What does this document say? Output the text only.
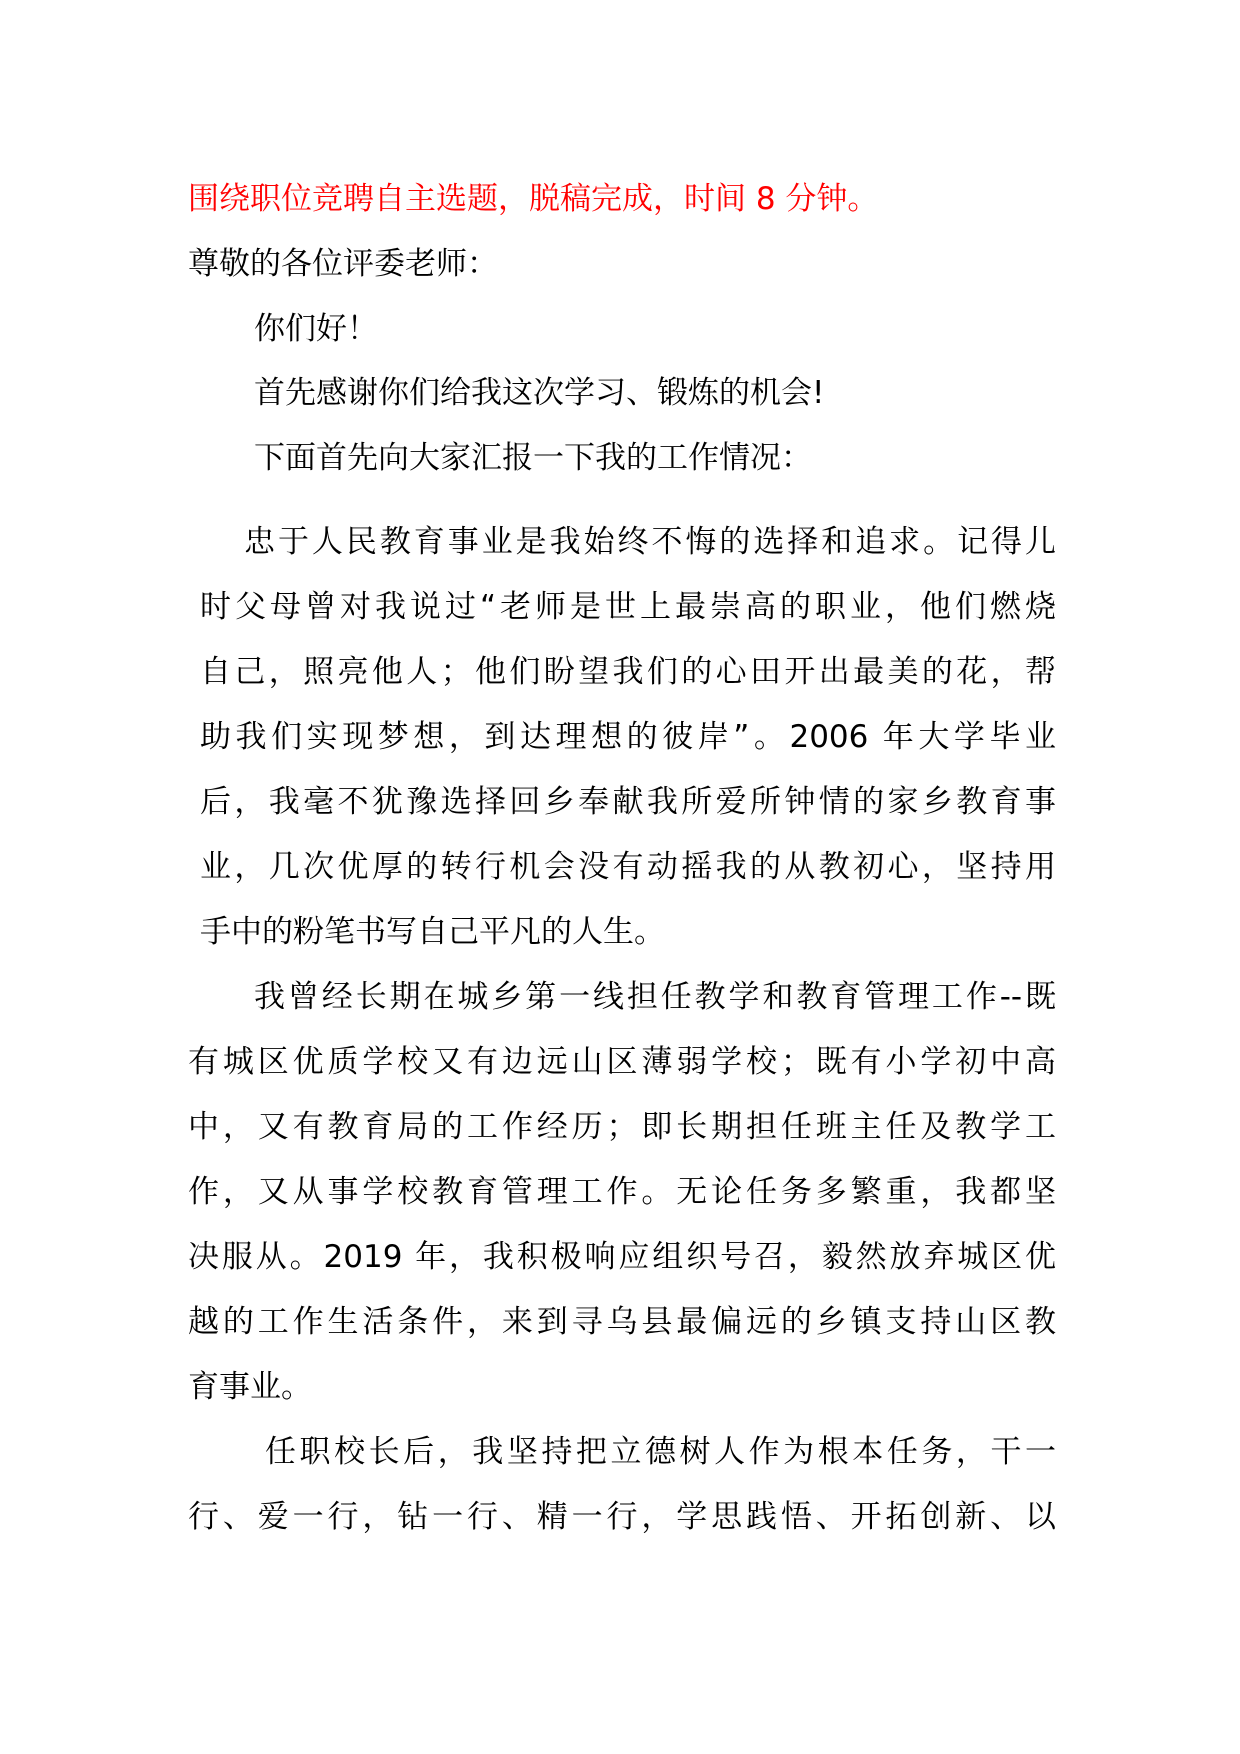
围绕职位竞聘自主选题，脱稿完成，时间 8 分钟。

尊敬的各位评委老师：

你们好！

首先感谢你们给我这次学习、锻炼的机会!

下面首先向大家汇报一下我的工作情况：

忠于人民教育事业是我始终不悔的选择和追求。记得儿

时父母曾对我说过“老师是世上最崇高的职业，他们燃烧

自己，照亮他人；他们盼望我们的心田开出最美的花，帮

助我们实现梦想，到达理想的彼岸”。2006 年大学毕业

后，我毫不犹豫选择回乡奉献我所爱所钟情的家乡教育事

业，几次优厚的转行机会没有动摇我的从教初心，坚持用

手中的粉笔书写自己平凡的人生。

我曾经长期在城乡第一线担任教学和教育管理工作--既

有城区优质学校又有边远山区薄弱学校；既有小学初中高

中，又有教育局的工作经历；即长期担任班主任及教学工

作，又从事学校教育管理工作。无论任务多繁重，我都坚

决服从。2019 年，我积极响应组织号召，毅然放弃城区优

越的工作生活条件，来到寻乌县最偏远的乡镇支持山区教

育事业。

任职校长后，我坚持把立德树人作为根本任务，干一

行、爱一行，钻一行、精一行，学思践悟、开拓创新、以
